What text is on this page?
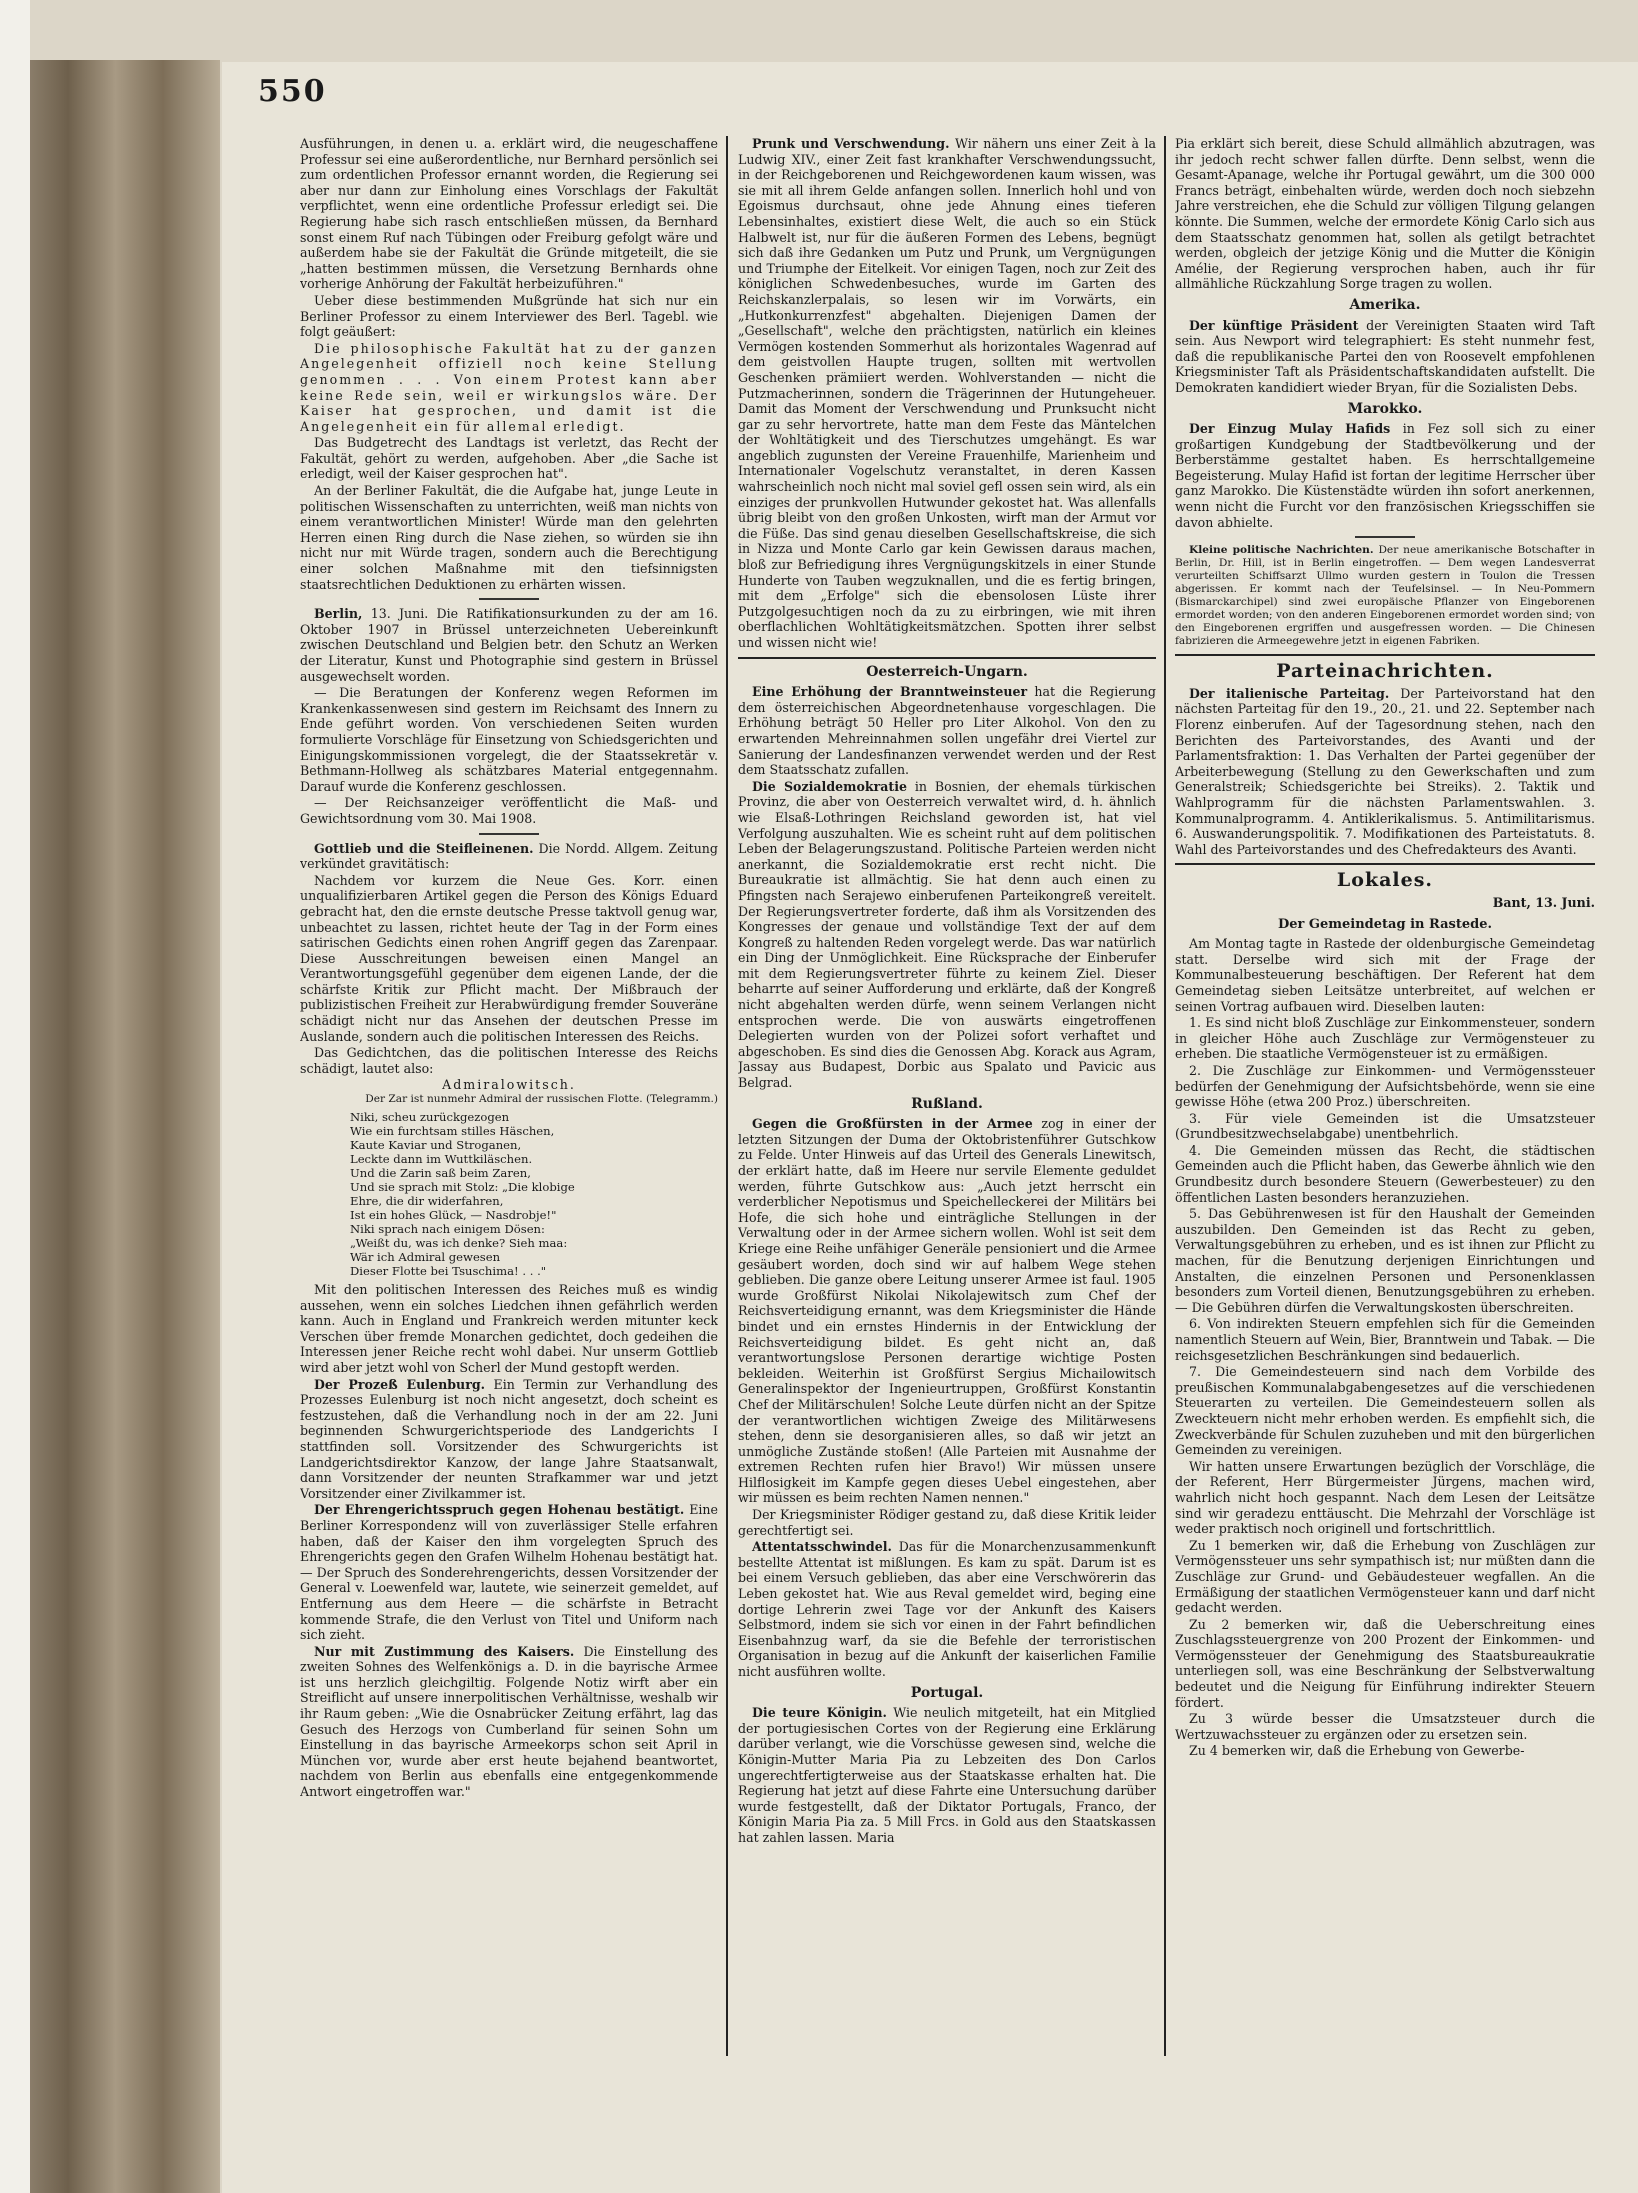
550

Ausführungen, in denen u. a. erklärt wird, die neugeschaffene Professur sei eine außerordentliche, nur Bernhard persönlich sei zum ordentlichen Professor ernannt worden, die Regierung sei aber nur dann zur Einholung eines Vorschlags der Fakultät verpflichtet, wenn eine ordentliche Professur erledigt sei. Die Regierung habe sich rasch entschließen müssen, da Bernhard sonst einem Ruf nach Tübingen oder Freiburg gefolgt wäre und außerdem habe sie der Fakultät die Gründe mitgeteilt, die sie „hatten bestimmen müssen, die Versetzung Bernhards ohne vorherige Anhörung der Fakultät herbeizuführen."

Ueber diese bestimmenden Mußgründe hat sich nur ein Berliner Professor zu einem Interviewer des Berl. Tagebl. wie folgt geäußert:

Die philosophische Fakultät hat zu der ganzen Angelegenheit offiziell noch keine Stellung genommen . . . Von einem Protest kann aber keine Rede sein, weil er wirkungslos wäre. Der Kaiser hat gesprochen, und damit ist die Angelegenheit ein für allemal erledigt.

Das Budgetrecht des Landtags ist verletzt, das Recht der Fakultät, gehört zu werden, aufgehoben. Aber „die Sache ist erledigt, weil der Kaiser gesprochen hat".

An der Berliner Fakultät, die die Aufgabe hat, junge Leute in politischen Wissenschaften zu unterrichten, weiß man nichts von einem verantwortlichen Minister! Würde man den gelehrten Herren einen Ring durch die Nase ziehen, so würden sie ihn nicht nur mit Würde tragen, sondern auch die Berechtigung einer solchen Maßnahme mit den tiefsinnigsten staatsrechtlichen Deduktionen zu erhärten wissen.

Berlin, 13. Juni. Die Ratifikationsurkunden zu der am 16. Oktober 1907 in Brüssel unterzeichneten Uebereinkunft zwischen Deutschland und Belgien betr. den Schutz an Werken der Literatur, Kunst und Photographie sind gestern in Brüssel ausgewechselt worden.

— Die Beratungen der Konferenz wegen Reformen im Krankenkassenwesen sind gestern im Reichsamt des Innern zu Ende geführt worden. Von verschiedenen Seiten wurden formulierte Vorschläge für Einsetzung von Schiedsgerichten und Einigungskommissionen vorgelegt, die der Staatssekretär v. Bethmann-Hollweg als schätzbares Material entgegennahm. Darauf wurde die Konferenz geschlossen.

— Der Reichsanzeiger veröffentlicht die Maß- und Gewichtsordnung vom 30. Mai 1908.

Gottlieb und die Steifleinenen. Die Nordd. Allgem. Zeitung verkündet gravitätisch:

Nachdem vor kurzem die Neue Ges. Korr. einen unqualifizierbaren Artikel gegen die Person des Königs Eduard gebracht hat, den die ernste deutsche Presse taktvoll genug war, unbeachtet zu lassen, richtet heute der Tag in der Form eines satirischen Gedichts einen rohen Angriff gegen das Zarenpaar. Diese Ausschreitungen beweisen einen Mangel an Verantwortungsgefühl gegenüber dem eigenen Lande, der die schärfste Kritik zur Pflicht macht. Der Mißbrauch der publizistischen Freiheit zur Herabwürdigung fremder Souveräne schädigt nicht nur das Ansehen der deutschen Presse im Auslande, sondern auch die politischen Interessen des Reichs.

Das Gedichtchen, das die politischen Interesse des Reichs schädigt, lautet also:

Admiralowitsch.
Der Zar ist nunmehr Admiral der russischen Flotte. (Telegramm.)
Niki, scheu zurückgezogen
Wie ein furchtsam stilles Häschen,
Kaute Kaviar und Stroganen,
Leckte dann im Wuttkiläschen.
Und die Zarin saß beim Zaren,
Und sie sprach mit Stolz: „Die klobige
Ehre, die dir widerfahren,
Ist ein hohes Glück, — Nasdrobje!"
Niki sprach nach einigem Dösen:
„Weißt du, was ich denke? Sieh maa:
Wär ich Admiral gewesen
Dieser Flotte bei Tsuschima! . . ."

Mit den politischen Interessen des Reiches muß es windig aussehen, wenn ein solches Liedchen ihnen gefährlich werden kann. Auch in England und Frankreich werden mitunter keck Verschen über fremde Monarchen gedichtet, doch gedeihen die Interessen jener Reiche recht wohl dabei. Nur unserm Gottlieb wird aber jetzt wohl von Scherl der Mund gestopft werden.

Der Prozeß Eulenburg. Ein Termin zur Verhandlung des Prozesses Eulenburg ist noch nicht angesetzt, doch scheint es festzustehen, daß die Verhandlung noch in der am 22. Juni beginnenden Schwurgerichtsperiode des Landgerichts I stattfinden soll. Vorsitzender des Schwurgerichts ist Landgerichtsdirektor Kanzow, der lange Jahre Staatsanwalt, dann Vorsitzender der neunten Strafkammer war und jetzt Vorsitzender einer Zivilkammer ist.

Der Ehrengerichtsspruch gegen Hohenau bestätigt. Eine Berliner Korrespondenz will von zuverlässiger Stelle erfahren haben, daß der Kaiser den ihm vorgelegten Spruch des Ehrengerichts gegen den Grafen Wilhelm Hohenau bestätigt hat. — Der Spruch des Sonderehrengerichts, dessen Vorsitzender der General v. Loewenfeld war, lautete, wie seinerzeit gemeldet, auf Entfernung aus dem Heere — die schärfste in Betracht kommende Strafe, die den Verlust von Titel und Uniform nach sich zieht.

Nur mit Zustimmung des Kaisers. Die Einstellung des zweiten Sohnes des Welfenkönigs a. D. in die bayrische Armee ist uns herzlich gleichgiltig. Folgende Notiz wirft aber ein Streiflicht auf unsere innerpolitischen Verhältnisse, weshalb wir ihr Raum geben: „Wie die Osnabrücker Zeitung erfährt, lag das Gesuch des Herzogs von Cumberland für seinen Sohn um Einstellung in das bayrische Armeekorps schon seit April in München vor, wurde aber erst heute bejahend beantwortet, nachdem von Berlin aus ebenfalls eine entgegenkommende Antwort eingetroffen war."

Prunk und Verschwendung. Wir nähern uns einer Zeit à la Ludwig XIV., einer Zeit fast krankhafter Verschwendungssucht, in der Reichgeborenen und Reichgewordenen kaum wissen, was sie mit all ihrem Gelde anfangen sollen. Innerlich hohl und von Egoismus durchsaut, ohne jede Ahnung eines tieferen Lebensinhaltes, existiert diese Welt, die auch so ein Stück Halbwelt ist, nur für die äußeren Formen des Lebens, begnügt sich daß ihre Gedanken um Putz und Prunk, um Vergnügungen und Triumphe der Eitelkeit. Vor einigen Tagen, noch zur Zeit des königlichen Schwedenbesuches, wurde im Garten des Reichskanzlerpalais, so lesen wir im Vorwärts, ein „Hutkonkurrenzfest" abgehalten. Diejenigen Damen der „Gesellschaft", welche den prächtigsten, natürlich ein kleines Vermögen kostenden Sommerhut als horizontales Wagenrad auf dem geistvollen Haupte trugen, sollten mit wertvollen Geschenken prämiiert werden. Wohlverstanden — nicht die Putzmacherinnen, sondern die Trägerinnen der Hutungeheuer. Damit das Moment der Verschwendung und Prunksucht nicht gar zu sehr hervortrete, hatte man dem Feste das Mäntelchen der Wohltätigkeit und des Tierschutzes umgehängt. Es war angeblich zugunsten der Vereine Frauenhilfe, Marienheim und Internationaler Vogelschutz veranstaltet, in deren Kassen wahrscheinlich noch nicht mal soviel gefl ossen sein wird, als ein einziges der prunkvollen Hutwunder gekostet hat. Was allenfalls übrig bleibt von den großen Unkosten, wirft man der Armut vor die Füße. Das sind genau dieselben Gesellschaftskreise, die sich in Nizza und Monte Carlo gar kein Gewissen daraus machen, bloß zur Befriedigung ihres Vergnügungskitzels in einer Stunde Hunderte von Tauben wegzuknallen, und die es fertig bringen, mit dem „Erfolge" sich die ebensolosen Lüste ihrer Putzgolgesuchtigen noch da zu zu eirbringen, wie mit ihren oberflachlichen Wohltätigkeitsmätzchen. Spotten ihrer selbst und wissen nicht wie!

Oesterreich-Ungarn.

Eine Erhöhung der Branntweinsteuer hat die Regierung dem österreichischen Abgeordnetenhause vorgeschlagen. Die Erhöhung beträgt 50 Heller pro Liter Alkohol. Von den zu erwartenden Mehreinnahmen sollen ungefähr drei Viertel zur Sanierung der Landesfinanzen verwendet werden und der Rest dem Staatsschatz zufallen.

Die Sozialdemokratie in Bosnien, der ehemals türkischen Provinz, die aber von Oesterreich verwaltet wird, d. h. ähnlich wie Elsaß-Lothringen Reichsland geworden ist, hat viel Verfolgung auszuhalten. Wie es scheint ruht auf dem politischen Leben der Belagerungszustand. Politische Parteien werden nicht anerkannt, die Sozialdemokratie erst recht nicht. Die Bureaukratie ist allmächtig. Sie hat denn auch einen zu Pfingsten nach Serajewo einberufenen Parteikongreß vereitelt. Der Regierungsvertreter forderte, daß ihm als Vorsitzenden des Kongresses der genaue und vollständige Text der auf dem Kongreß zu haltenden Reden vorgelegt werde. Das war natürlich ein Ding der Unmöglichkeit. Eine Rücksprache der Einberufer mit dem Regierungsvertreter führte zu keinem Ziel. Dieser beharrte auf seiner Aufforderung und erklärte, daß der Kongreß nicht abgehalten werden dürfe, wenn seinem Verlangen nicht entsprochen werde. Die von auswärts eingetroffenen Delegierten wurden von der Polizei sofort verhaftet und abgeschoben. Es sind dies die Genossen Abg. Korack aus Agram, Jassay aus Budapest, Dorbic aus Spalato und Pavicic aus Belgrad.

Rußland.

Gegen die Großfürsten in der Armee zog in einer der letzten Sitzungen der Duma der Oktobristenführer Gutschkow zu Felde. Unter Hinweis auf das Urteil des Generals Linewitsch, der erklärt hatte, daß im Heere nur servile Elemente geduldet werden, führte Gutschkow aus: „Auch jetzt herrscht ein verderblicher Nepotismus und Speichelleckerei der Militärs bei Hofe, die sich hohe und einträgliche Stellungen in der Verwaltung oder in der Armee sichern wollen. Wohl ist seit dem Kriege eine Reihe unfähiger Generäle pensioniert und die Armee gesäubert worden, doch sind wir auf halbem Wege stehen geblieben. Die ganze obere Leitung unserer Armee ist faul. 1905 wurde Großfürst Nikolai Nikolajewitsch zum Chef der Reichsverteidigung ernannt, was dem Kriegsminister die Hände bindet und ein ernstes Hindernis in der Entwicklung der Reichsverteidigung bildet. Es geht nicht an, daß verantwortungslose Personen derartige wichtige Posten bekleiden. Weiterhin ist Großfürst Sergius Michailowitsch Generalinspektor der Ingenieurtruppen, Großfürst Konstantin Chef der Militärschulen! Solche Leute dürfen nicht an der Spitze der verantwortlichen wichtigen Zweige des Militärwesens stehen, denn sie desorganisieren alles, so daß wir jetzt an unmögliche Zustände stoßen! (Alle Parteien mit Ausnahme der extremen Rechten rufen hier Bravo!) Wir müssen unsere Hilflosigkeit im Kampfe gegen dieses Uebel eingestehen, aber wir müssen es beim rechten Namen nennen."

Der Kriegsminister Rödiger gestand zu, daß diese Kritik leider gerechtfertigt sei.

Attentatsschwindel. Das für die Monarchenzusammenkunft bestellte Attentat ist mißlungen. Es kam zu spät. Darum ist es bei einem Versuch geblieben, das aber eine Verschwörerin das Leben gekostet hat. Wie aus Reval gemeldet wird, beging eine dortige Lehrerin zwei Tage vor der Ankunft des Kaisers Selbstmord, indem sie sich vor einen in der Fahrt befindlichen Eisenbahnzug warf, da sie die Befehle der terroristischen Organisation in bezug auf die Ankunft der kaiserlichen Familie nicht ausführen wollte.

Portugal.

Die teure Königin. Wie neulich mitgeteilt, hat ein Mitglied der portugiesischen Cortes von der Regierung eine Erklärung darüber verlangt, wie die Vorschüsse gewesen sind, welche die Königin-Mutter Maria Pia zu Lebzeiten des Don Carlos ungerechtfertigterweise aus der Staatskasse erhalten hat. Die Regierung hat jetzt auf diese Fahrte eine Untersuchung darüber wurde festgestellt, daß der Diktator Portugals, Franco, der Königin Maria Pia za. 5 Mill Frcs. in Gold aus den Staatskassen hat zahlen lassen. Maria

Pia erklärt sich bereit, diese Schuld allmählich abzutragen, was ihr jedoch recht schwer fallen dürfte. Denn selbst, wenn die Gesamt-Apanage, welche ihr Portugal gewährt, um die 300 000 Francs beträgt, einbehalten würde, werden doch noch siebzehn Jahre verstreichen, ehe die Schuld zur völligen Tilgung gelangen könnte. Die Summen, welche der ermordete König Carlo sich aus dem Staatsschatz genommen hat, sollen als getilgt betrachtet werden, obgleich der jetzige König und die Mutter die Königin Amélie, der Regierung versprochen haben, auch ihr für allmähliche Rückzahlung Sorge tragen zu wollen.

Amerika.

Der künftige Präsident der Vereinigten Staaten wird Taft sein. Aus Newport wird telegraphiert: Es steht nunmehr fest, daß die republikanische Partei den von Roosevelt empfohlenen Kriegsminister Taft als Präsidentschaftskandidaten aufstellt. Die Demokraten kandidiert wieder Bryan, für die Sozialisten Debs.

Marokko.

Der Einzug Mulay Hafids in Fez soll sich zu einer großartigen Kundgebung der Stadtbevölkerung und der Berberstämme gestaltet haben. Es herrschtallgemeine Begeisterung. Mulay Hafid ist fortan der legitime Herrscher über ganz Marokko. Die Küstenstädte würden ihn sofort anerkennen, wenn nicht die Furcht vor den französischen Kriegsschiffen sie davon abhielte.

Kleine politische Nachrichten. Der neue amerikanische Botschafter in Berlin, Dr. Hill, ist in Berlin eingetroffen. — Dem wegen Landesverrat verurteilten Schiffsarzt Ullmo wurden gestern in Toulon die Tressen abgerissen. Er kommt nach der Teufelsinsel. — In Neu-Pommern (Bismarckarchipel) sind zwei europäische Pflanzer von Eingeborenen ermordet worden; von den anderen Eingeborenen ermordet worden sind; von den Eingeborenen ergriffen und ausgefressen worden. — Die Chinesen fabrizieren die Armeegewehre jetzt in eigenen Fabriken.

Parteinachrichten.

Der italienische Parteitag. Der Parteivorstand hat den nächsten Parteitag für den 19., 20., 21. und 22. September nach Florenz einberufen. Auf der Tagesordnung stehen, nach den Berichten des Parteivorstandes, des Avanti und der Parlamentsfraktion: 1. Das Verhalten der Partei gegenüber der Arbeiterbewegung (Stellung zu den Gewerkschaften und zum Generalstreik; Schiedsgerichte bei Streiks). 2. Taktik und Wahlprogramm für die nächsten Parlamentswahlen. 3. Kommunalprogramm. 4. Antiklerikalismus. 5. Antimilitarismus. 6. Auswanderungspolitik. 7. Modifikationen des Parteistatuts. 8. Wahl des Parteivorstandes und des Chefredakteurs des Avanti.

Lokales.
Bant, 13. Juni.
Der Gemeindetag in Rastede.

Am Montag tagte in Rastede der oldenburgische Gemeindetag statt. Derselbe wird sich mit der Frage der Kommunalbesteuerung beschäftigen. Der Referent hat dem Gemeindetag sieben Leitsätze unterbreitet, auf welchen er seinen Vortrag aufbauen wird. Dieselben lauten:

1. Es sind nicht bloß Zuschläge zur Einkommensteuer, sondern in gleicher Höhe auch Zuschläge zur Vermögensteuer zu erheben. Die staatliche Vermögensteuer ist zu ermäßigen.

2. Die Zuschläge zur Einkommen- und Vermögenssteuer bedürfen der Genehmigung der Aufsichtsbehörde, wenn sie eine gewisse Höhe (etwa 200 Proz.) überschreiten.

3. Für viele Gemeinden ist die Umsatzsteuer (Grundbesitzwechselabgabe) unentbehrlich.

4. Die Gemeinden müssen das Recht, die städtischen Gemeinden auch die Pflicht haben, das Gewerbe ähnlich wie den Grundbesitz durch besondere Steuern (Gewerbesteuer) zu den öffentlichen Lasten besonders heranzuziehen.

5. Das Gebührenwesen ist für den Haushalt der Gemeinden auszubilden. Den Gemeinden ist das Recht zu geben, Verwaltungsgebühren zu erheben, und es ist ihnen zur Pflicht zu machen, für die Benutzung derjenigen Einrichtungen und Anstalten, die einzelnen Personen und Personenklassen besonders zum Vorteil dienen, Benutzungsgebühren zu erheben. — Die Gebühren dürfen die Verwaltungskosten überschreiten.

6. Von indirekten Steuern empfehlen sich für die Gemeinden namentlich Steuern auf Wein, Bier, Branntwein und Tabak. — Die reichsgesetzlichen Beschränkungen sind bedauerlich.

7. Die Gemeindesteuern sind nach dem Vorbilde des preußischen Kommunalabgabengesetzes auf die verschiedenen Steuerarten zu verteilen. Die Gemeindesteuern sollen als Zweckteuern nicht mehr erhoben werden. Es empfiehlt sich, die Zweckverbände für Schulen zuzuheben und mit den bürgerlichen Gemeinden zu vereinigen.

Wir hatten unsere Erwartungen bezüglich der Vorschläge, die der Referent, Herr Bürgermeister Jürgens, machen wird, wahrlich nicht hoch gespannt. Nach dem Lesen der Leitsätze sind wir geradezu enttäuscht. Die Mehrzahl der Vorschläge ist weder praktisch noch originell und fortschrittlich.

Zu 1 bemerken wir, daß die Erhebung von Zuschlägen zur Vermögenssteuer uns sehr sympathisch ist; nur müßten dann die Zuschläge zur Grund- und Gebäudesteuer wegfallen. An die Ermäßigung der staatlichen Vermögensteuer kann und darf nicht gedacht werden.

Zu 2 bemerken wir, daß die Ueberschreitung eines Zuschlagssteuergrenze von 200 Prozent der Einkommen- und Vermögenssteuer der Genehmigung des Staatsbureaukratie unterliegen soll, was eine Beschränkung der Selbstverwaltung bedeutet und die Neigung für Einführung indirekter Steuern fördert.

Zu 3 würde besser die Umsatzsteuer durch die Wertzuwachssteuer zu ergänzen oder zu ersetzen sein.

Zu 4 bemerken wir, daß die Erhebung von Gewerbe-
